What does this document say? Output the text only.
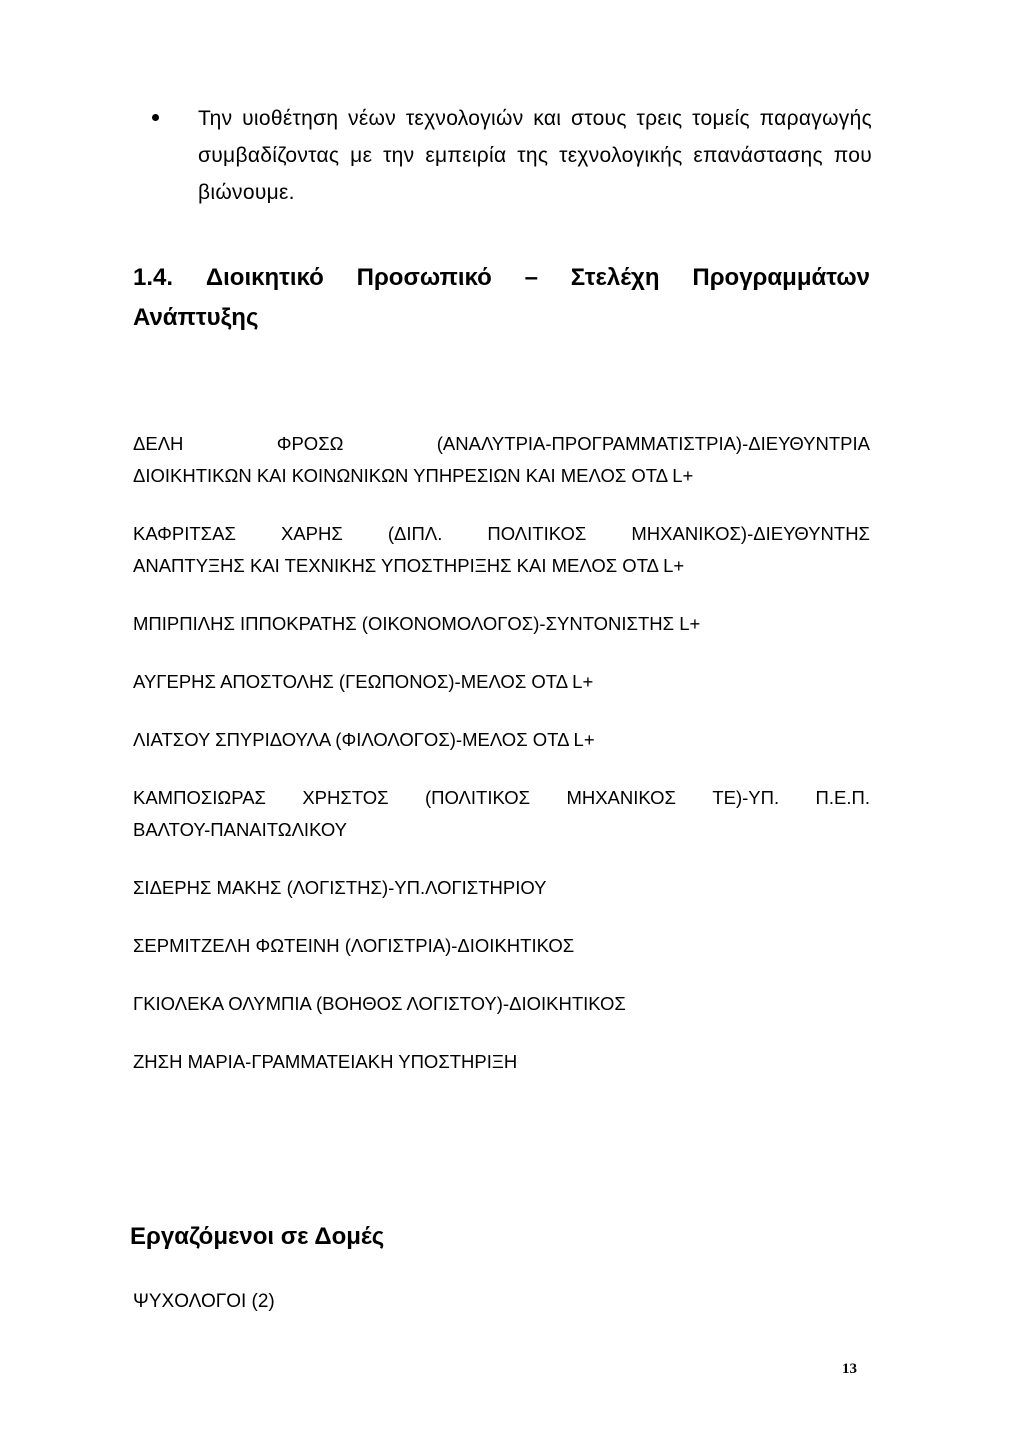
Την υιοθέτηση νέων τεχνολογιών και στους τρεις τομείς παραγωγής συμβαδίζοντας με την εμπειρία της τεχνολογικής επανάστασης που βιώνουμε.
1.4. Διοικητικό Προσωπικό – Στελέχη Προγραμμάτων
Ανάπτυξης
ΔΕΛΗ	ΦΡΟΣΩ	(ΑΝΑΛΥΤΡΙΑ-ΠΡΟΓΡΑΜΜΑΤΙΣΤΡΙΑ)-ΔΙΕΥΘΥΝΤΡΙΑ
ΔΙΟΙΚΗΤΙΚΩΝ ΚΑΙ ΚΟΙΝΩΝΙΚΩΝ ΥΠΗΡΕΣΙΩΝ ΚΑΙ ΜΕΛΟΣ ΟΤΔ L+
ΚΑΦΡΙΤΣΑΣ ΧΑΡΗΣ (ΔΙΠΛ. ΠΟΛΙΤΙΚΟΣ ΜΗΧΑΝΙΚΟΣ)-ΔΙΕΥΘΥΝΤΗΣ
ΑΝΑΠΤΥΞΗΣ ΚΑΙ ΤΕΧΝΙΚΗΣ ΥΠΟΣΤΗΡΙΞΗΣ ΚΑΙ ΜΕΛΟΣ ΟΤΔ L+
ΜΠΙΡΠΙΛΗΣ ΙΠΠΟΚΡΑΤΗΣ (ΟΙΚΟΝΟΜΟΛΟΓΟΣ)-ΣΥΝΤΟΝΙΣΤΗΣ L+
ΑΥΓΕΡΗΣ ΑΠΟΣΤΟΛΗΣ (ΓΕΩΠΟΝΟΣ)-ΜΕΛΟΣ ΟΤΔ L+
ΛΙΑΤΣΟΥ ΣΠΥΡΙΔΟΥΛΑ (ΦΙΛΟΛΟΓΟΣ)-ΜΕΛΟΣ ΟΤΔ L+
ΚΑΜΠΟΣΙΩΡΑΣ ΧΡΗΣΤΟΣ (ΠΟΛΙΤΙΚΟΣ ΜΗΧΑΝΙΚΟΣ ΤΕ)-ΥΠ. Π.Ε.Π.
ΒΑΛΤΟΥ-ΠΑΝΑΙΤΩΛΙΚΟΥ
ΣΙΔΕΡΗΣ ΜΑΚΗΣ (ΛΟΓΙΣΤΗΣ)-ΥΠ.ΛΟΓΙΣΤΗΡΙΟΥ
ΣΕΡΜΙΤΖΕΛΗ ΦΩΤΕΙΝΗ (ΛΟΓΙΣΤΡΙΑ)-ΔΙΟΙΚΗΤΙΚΟΣ
ΓΚΙΟΛΕΚΑ ΟΛΥΜΠΙΑ (ΒΟΗΘΟΣ ΛΟΓΙΣΤΟΥ)-ΔΙΟΙΚΗΤΙΚΟΣ
ΖΗΣΗ ΜΑΡΙΑ-ΓΡΑΜΜΑΤΕΙΑΚΗ ΥΠΟΣΤΗΡΙΞΗ
Εργαζόμενοι σε Δομές
ΨΥΧΟΛΟΓΟΙ (2)
13
